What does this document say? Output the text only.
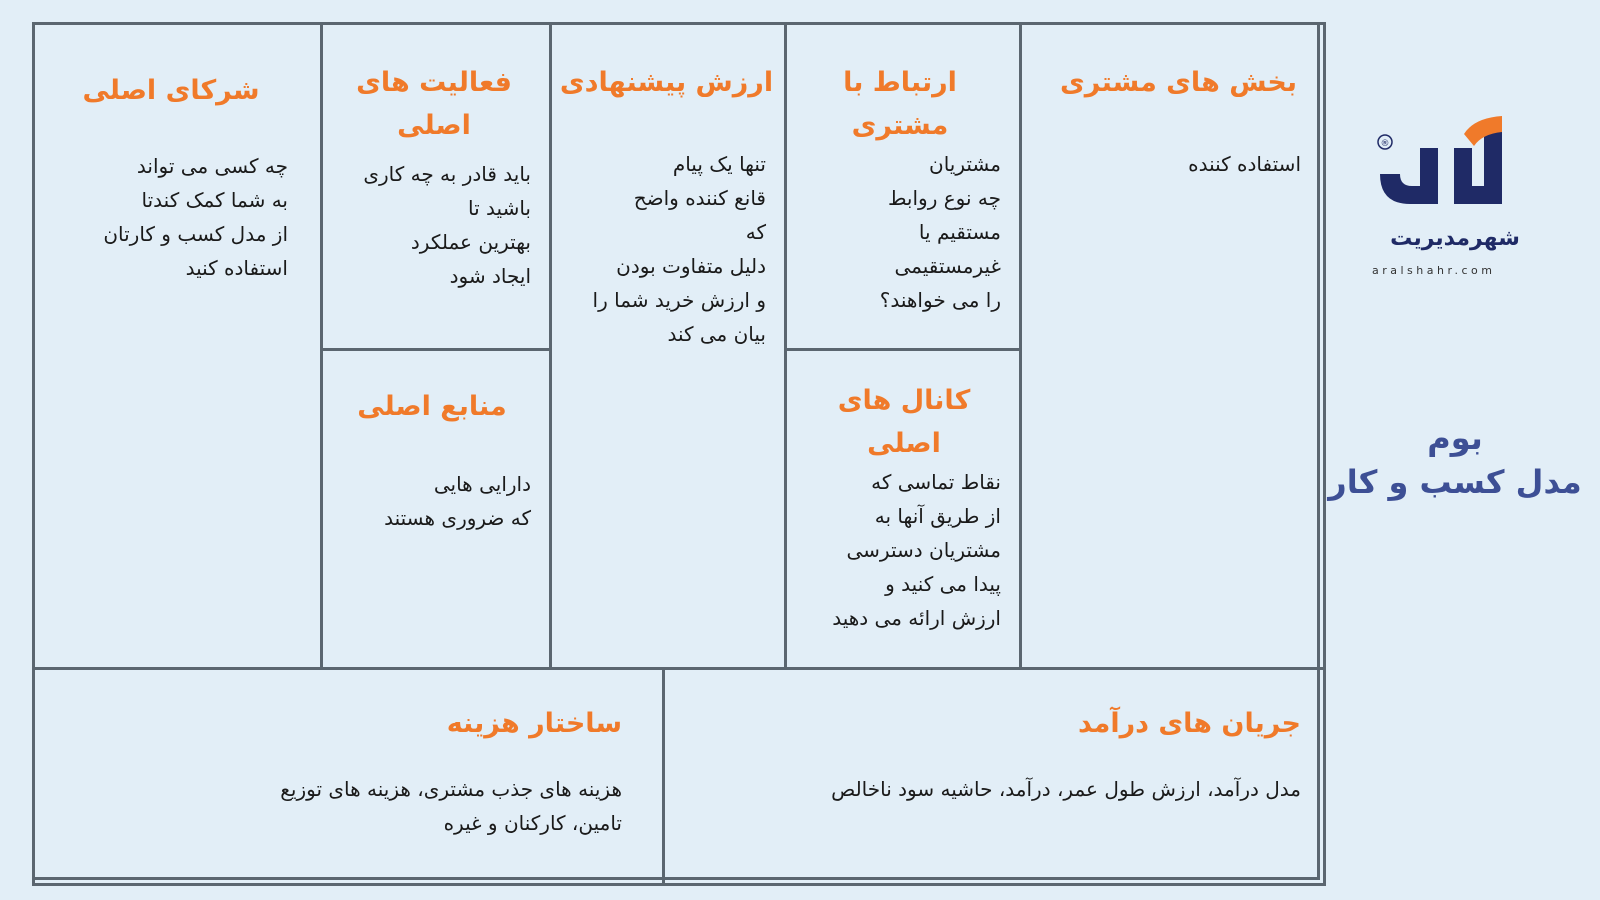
شرکای اصلی
چه کسی می تواند
به شما کمک کندتا
از مدل کسب و کارتان
استفاده کنید
فعالیت های
اصلی
باید قادر به چه کاری
باشید تا
بهترین عملکرد
ایجاد شود
منابع اصلی
دارایی هایی
که ضروری هستند
ارزش پیشنهادی
تنها یک پیام
قانع کننده واضح
که
دلیل متفاوت بودن
و ارزش خرید شما را
بیان می کند
ارتباط با مشتری
مشتریان
چه نوع روابط
مستقیم یا
غیرمستقیمی
را می خواهند؟
کانال های
اصلی
نقاط تماسی که
از طریق آنها به
مشتریان دسترسی
پیدا می کنید و
ارزش ارائه می دهید
بخش های مشتری
استفاده کننده
ساختار هزینه
هزینه های جذب مشتری، هزینه های توزیع
تامین، کارکنان و غیره
جریان های درآمد
مدل درآمد، ارزش طول عمر، درآمد، حاشیه سود ناخالص
®
شهرمدیریت
aralshahr.com
بوم
مدل کسب و کار
